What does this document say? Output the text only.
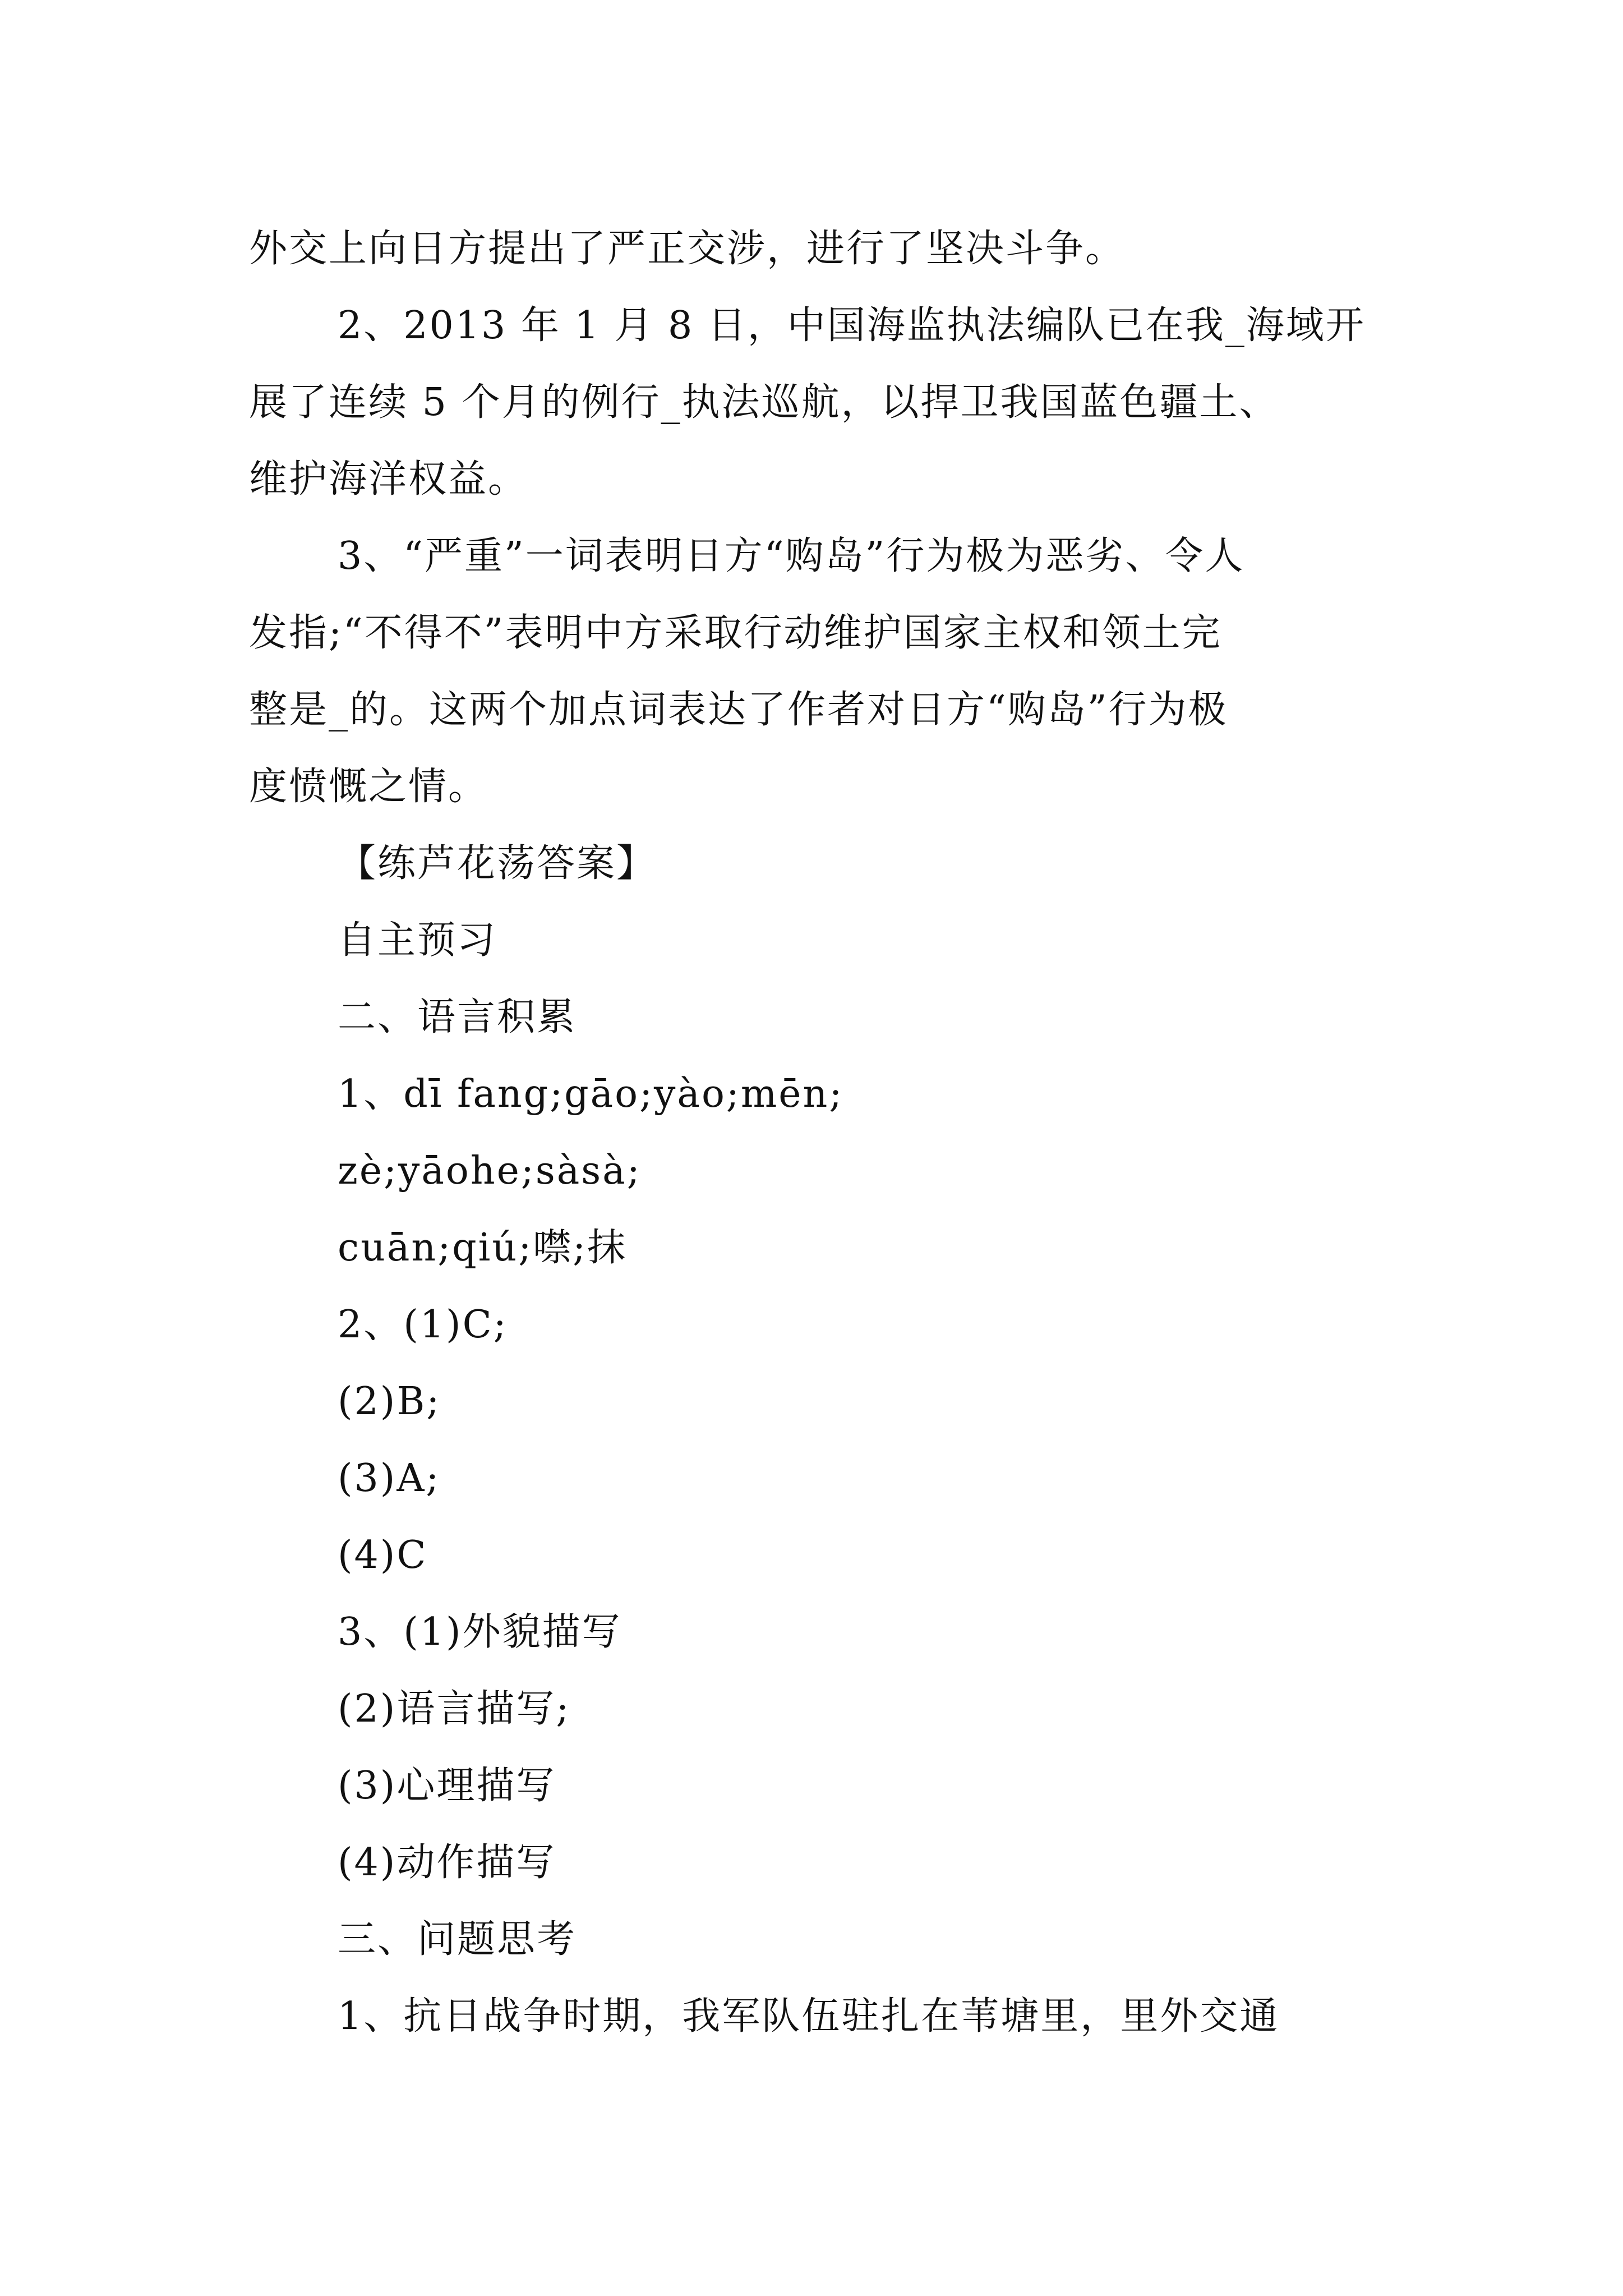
外交上向日方提出了严正交涉，进行了坚决斗争。
2、2013 年 1 月 8 日，中国海监执法编队已在我_海域开
展了连续 5 个月的例行_执法巡航，以捍卫我国蓝色疆土、
维护海洋权益。
3、“严重”一词表明日方“购岛”行为极为恶劣、令人
发指;“不得不”表明中方采取行动维护国家主权和领土完
整是_的。这两个加点词表达了作者对日方“购岛”行为极
度愤慨之情。
【练芦花荡答案】
自主预习
二、语言积累
1、dī fang;gāo;yào;mēn;
zè;yāohe;sàsà;
cuān;qiú;噤;抹
2、(1)C;
(2)B;
(3)A;
(4)C
3、(1)外貌描写
(2)语言描写;
(3)心理描写
(4)动作描写
三、问题思考
1、抗日战争时期，我军队伍驻扎在苇塘里，里外交通
